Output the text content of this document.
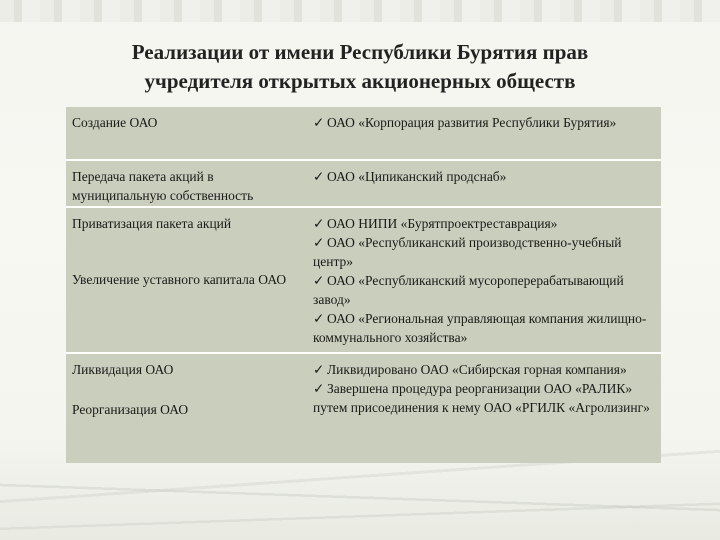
Реализации от имени Республики Бурятия прав
учредителя открытых акционерных обществ
Создание ОАО	✓ ОАО «Корпорация развития Республики Бурятия»
Передача пакета акций в муниципальную собственность
✓ ОАО «Ципиканский продснаб»
Приватизация пакета акций
Увеличение уставного капитала ОАО
✓ ОАО НИПИ «Бурятпроектреставрация»
✓ ОАО «Республиканский производственно-учебный центр»
✓ ОАО «Республиканский мусороперерабатывающий завод»
✓ ОАО «Региональная управляющая компания жилищно-коммунального хозяйства»
Ликвидация ОАО
Реорганизация ОАО
✓ Ликвидировано ОАО «Сибирская горная компания»
✓ Завершена процедура реорганизации ОАО «РАЛИК» путем присоединения к нему ОАО «РГИЛК «Агролизинг»
